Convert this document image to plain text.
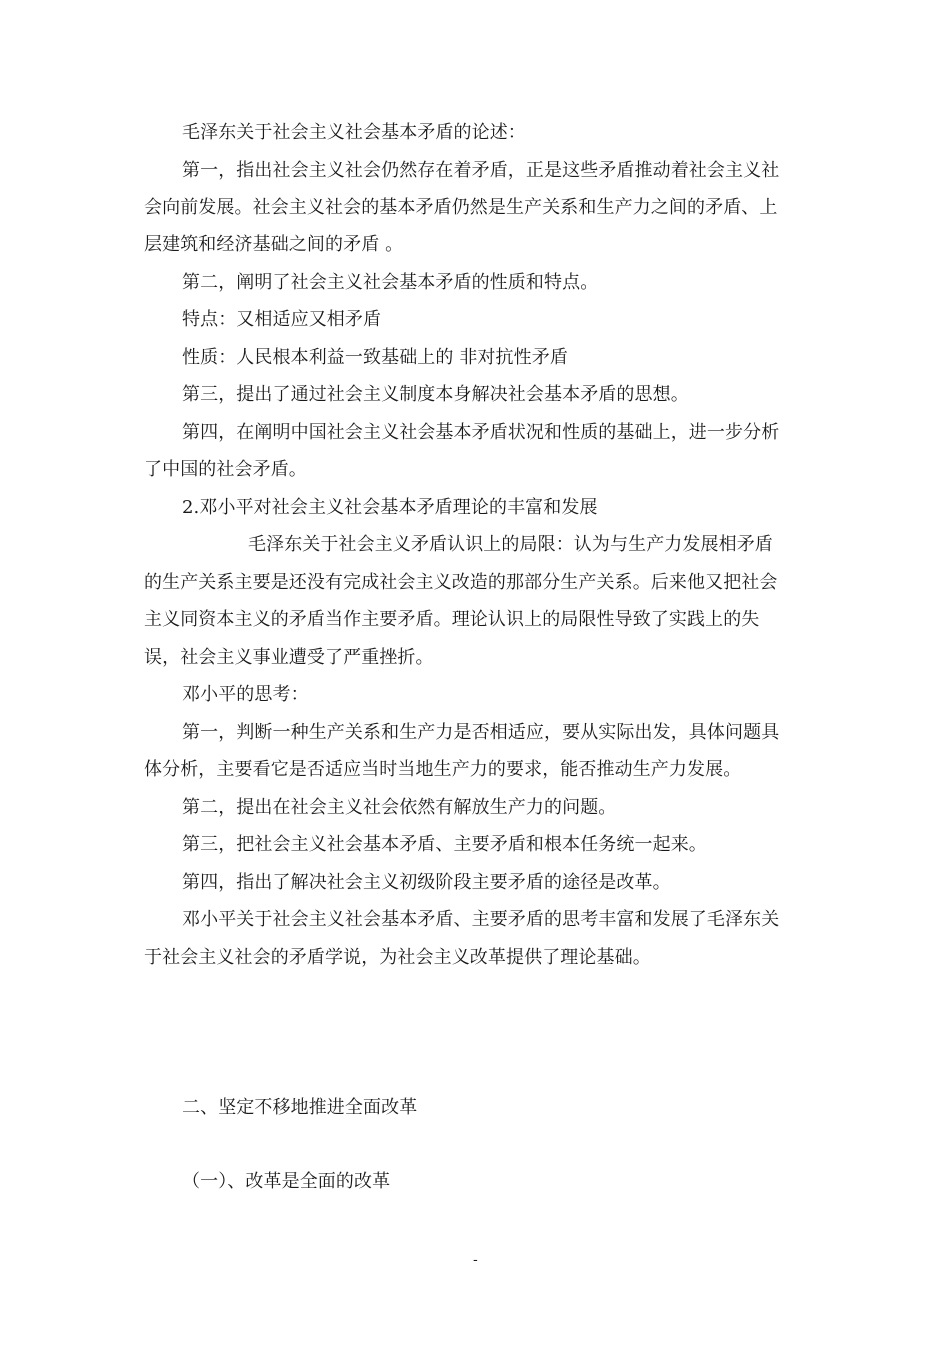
毛泽东关于社会主义社会基本矛盾的论述：
第一，指出社会主义社会仍然存在着矛盾，正是这些矛盾推动着社会主义社
会向前发展。社会主义社会的基本矛盾仍然是生产关系和生产力之间的矛盾、上
层建筑和经济基础之间的矛盾 。
第二，阐明了社会主义社会基本矛盾的性质和特点。
特点：又相适应又相矛盾
性质：人民根本利益一致基础上的 非对抗性矛盾
第三，提出了通过社会主义制度本身解决社会基本矛盾的思想。
第四，在阐明中国社会主义社会基本矛盾状况和性质的基础上，进一步分析
了中国的社会矛盾。
2.邓小平对社会主义社会基本矛盾理论的丰富和发展
毛泽东关于社会主义矛盾认识上的局限：认为与生产力发展相矛盾
的生产关系主要是还没有完成社会主义改造的那部分生产关系。后来他又把社会
主义同资本主义的矛盾当作主要矛盾。理论认识上的局限性导致了实践上的失
误，社会主义事业遭受了严重挫折。
邓小平的思考：
第一，判断一种生产关系和生产力是否相适应，要从实际出发，具体问题具
体分析，主要看它是否适应当时当地生产力的要求，能否推动生产力发展。
第二，提出在社会主义社会依然有解放生产力的问题。
第三，把社会主义社会基本矛盾、主要矛盾和根本任务统一起来。
第四，指出了解决社会主义初级阶段主要矛盾的途径是改革。
邓小平关于社会主义社会基本矛盾、主要矛盾的思考丰富和发展了毛泽东关
于社会主义社会的矛盾学说，为社会主义改革提供了理论基础。
二、坚定不移地推进全面改革
（一）、改革是全面的改革
-
